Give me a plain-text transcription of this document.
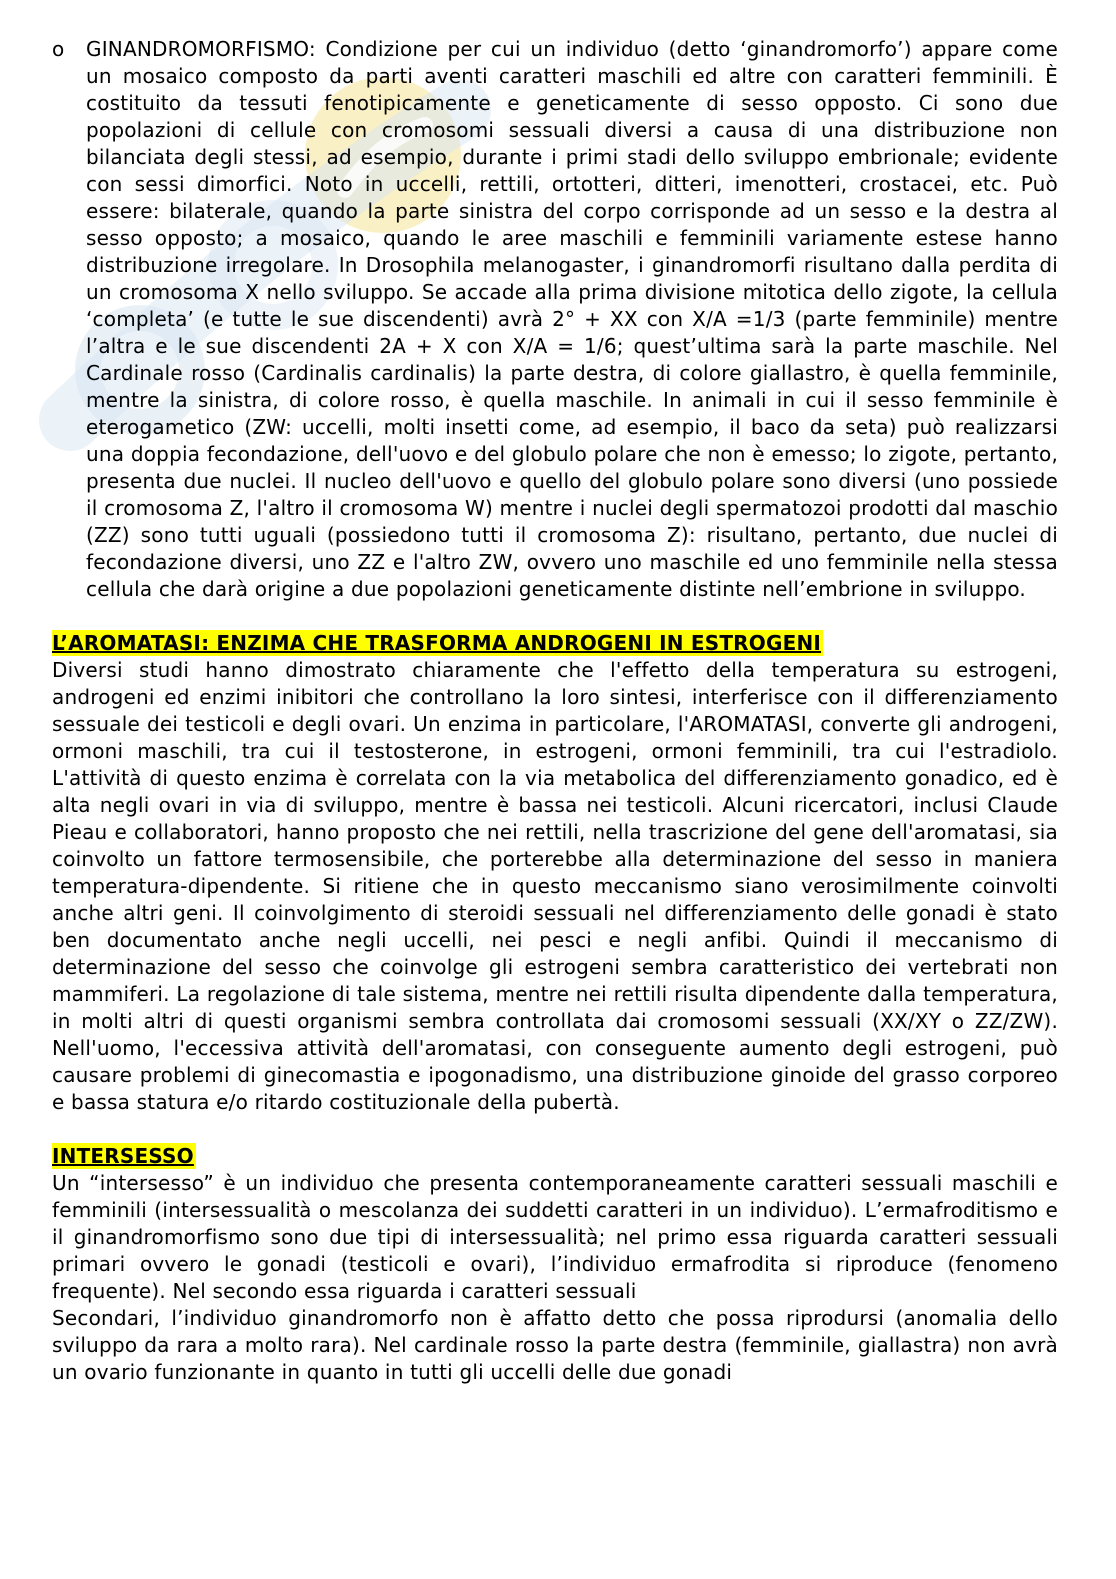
o	GINANDROMORFISMO: Condizione per cui un individuo (detto ‘ginandromorfo’) appare come un mosaico composto da parti aventi caratteri maschili ed altre con caratteri femminili. È costituito da tessuti fenotipicamente e geneticamente di sesso opposto. Ci sono due popolazioni di cellule con cromosomi sessuali diversi a causa di una distribuzione non bilanciata degli stessi, ad esempio, durante i primi stadi dello sviluppo embrionale; evidente con sessi dimorfici. Noto in uccelli, rettili, ortotteri, ditteri, imenotteri, crostacei, etc. Può essere: bilaterale, quando la parte sinistra del corpo corrisponde ad un sesso e la destra al sesso opposto; a mosaico, quando le aree maschili e femminili variamente estese hanno distribuzione irregolare. In Drosophila melanogaster, i ginandromorfi risultano dalla perdita di un cromosoma X nello sviluppo. Se accade alla prima divisione mitotica dello zigote, la cellula ‘completa’ (e tutte le sue discendenti) avrà 2° + XX con X/A =1/3 (parte femminile) mentre l’altra e le sue discendenti 2A + X con X/A = 1/6; quest’ultima sarà la parte maschile. Nel Cardinale rosso (Cardinalis cardinalis) la parte destra, di colore giallastro, è quella femminile, mentre la sinistra, di colore rosso, è quella maschile. In animali in cui il sesso femminile è eterogametico (ZW: uccelli, molti insetti come, ad esempio, il baco da seta) può realizzarsi una doppia fecondazione, dell'uovo e del globulo polare che non è emesso; lo zigote, pertanto, presenta due nuclei. Il nucleo dell'uovo e quello del globulo polare sono diversi (uno possiede il cromosoma Z, l'altro il cromosoma W) mentre i nuclei degli spermatozoi prodotti dal maschio (ZZ) sono tutti uguali (possiedono tutti il cromosoma Z): risultano, pertanto, due nuclei di fecondazione diversi, uno ZZ e l'altro ZW, ovvero uno maschile ed uno femminile nella stessa cellula che darà origine a due popolazioni geneticamente distinte nell’embrione in sviluppo.

L’AROMATASI: ENZIMA CHE TRASFORMA ANDROGENI IN ESTROGENI

Diversi studi hanno dimostrato chiaramente che l'effetto della temperatura su estrogeni, androgeni ed enzimi inibitori che controllano la loro sintesi, interferisce con il differenziamento sessuale dei testicoli e degli ovari. Un enzima in particolare, l'AROMATASI, converte gli androgeni, ormoni maschili, tra cui il testosterone, in estrogeni, ormoni femminili, tra cui l'estradiolo. L'attività di questo enzima è correlata con la via metabolica del differenziamento gonadico, ed è alta negli ovari in via di sviluppo, mentre è bassa nei testicoli. Alcuni ricercatori, inclusi Claude Pieau e collaboratori, hanno proposto che nei rettili, nella trascrizione del gene dell'aromatasi, sia coinvolto un fattore termosensibile, che porterebbe alla determinazione del sesso in maniera temperatura-dipendente. Si ritiene che in questo meccanismo siano verosimilmente coinvolti anche altri geni. Il coinvolgimento di steroidi sessuali nel differenziamento delle gonadi è stato ben documentato anche negli uccelli, nei pesci e negli anfibi. Quindi il meccanismo di determinazione del sesso che coinvolge gli estrogeni sembra caratteristico dei vertebrati non mammiferi. La regolazione di tale sistema, mentre nei rettili risulta dipendente dalla temperatura, in molti altri di questi organismi sembra controllata dai cromosomi sessuali (XX/XY o ZZ/ZW). Nell'uomo, l'eccessiva attività dell'aromatasi, con conseguente aumento degli estrogeni, può causare problemi di ginecomastia e ipogonadismo, una distribuzione ginoide del grasso corporeo e bassa statura e/o ritardo costituzionale della pubertà.

INTERSESSO

Un “intersesso” è un individuo che presenta contemporaneamente caratteri sessuali maschili e femminili (intersessualità o mescolanza dei suddetti caratteri in un individuo). L’ermafroditismo e il ginandromorfismo sono due tipi di intersessualità; nel primo essa riguarda caratteri sessuali primari ovvero le gonadi (testicoli e ovari), l’individuo ermafrodita si riproduce (fenomeno frequente). Nel secondo essa riguarda i caratteri sessuali

Secondari, l’individuo ginandromorfo non è affatto detto che possa riprodursi (anomalia dello sviluppo da rara a molto rara). Nel cardinale rosso la parte destra (femminile, giallastra) non avrà un ovario funzionante in quanto in tutti gli uccelli delle due gonadi
